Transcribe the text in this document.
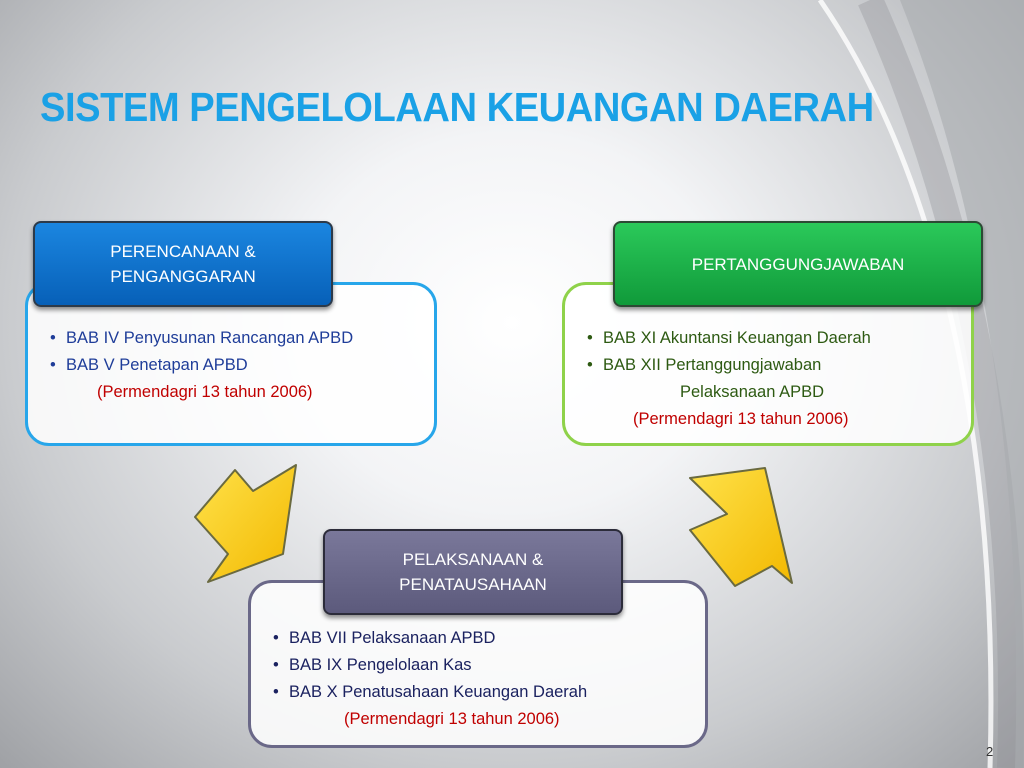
SISTEM PENGELOLAAN KEUANGAN DAERAH
• BAB IV Penyusunan Rancangan APBD
• BAB V Penetapan APBD
(Permendagri 13 tahun 2006)
PERENCANAAN &
PENGANGGARAN
• BAB XI Akuntansi Keuangan Daerah
• BAB XII Pertanggungjawaban
Pelaksanaan APBD
(Permendagri 13 tahun 2006)
PERTANGGUNGJAWABAN
• BAB VII Pelaksanaan APBD
• BAB IX Pengelolaan Kas
• BAB X Penatusahaan Keuangan Daerah
(Permendagri 13 tahun 2006)
PELAKSANAAN &
PENATAUSAHAAN
2
